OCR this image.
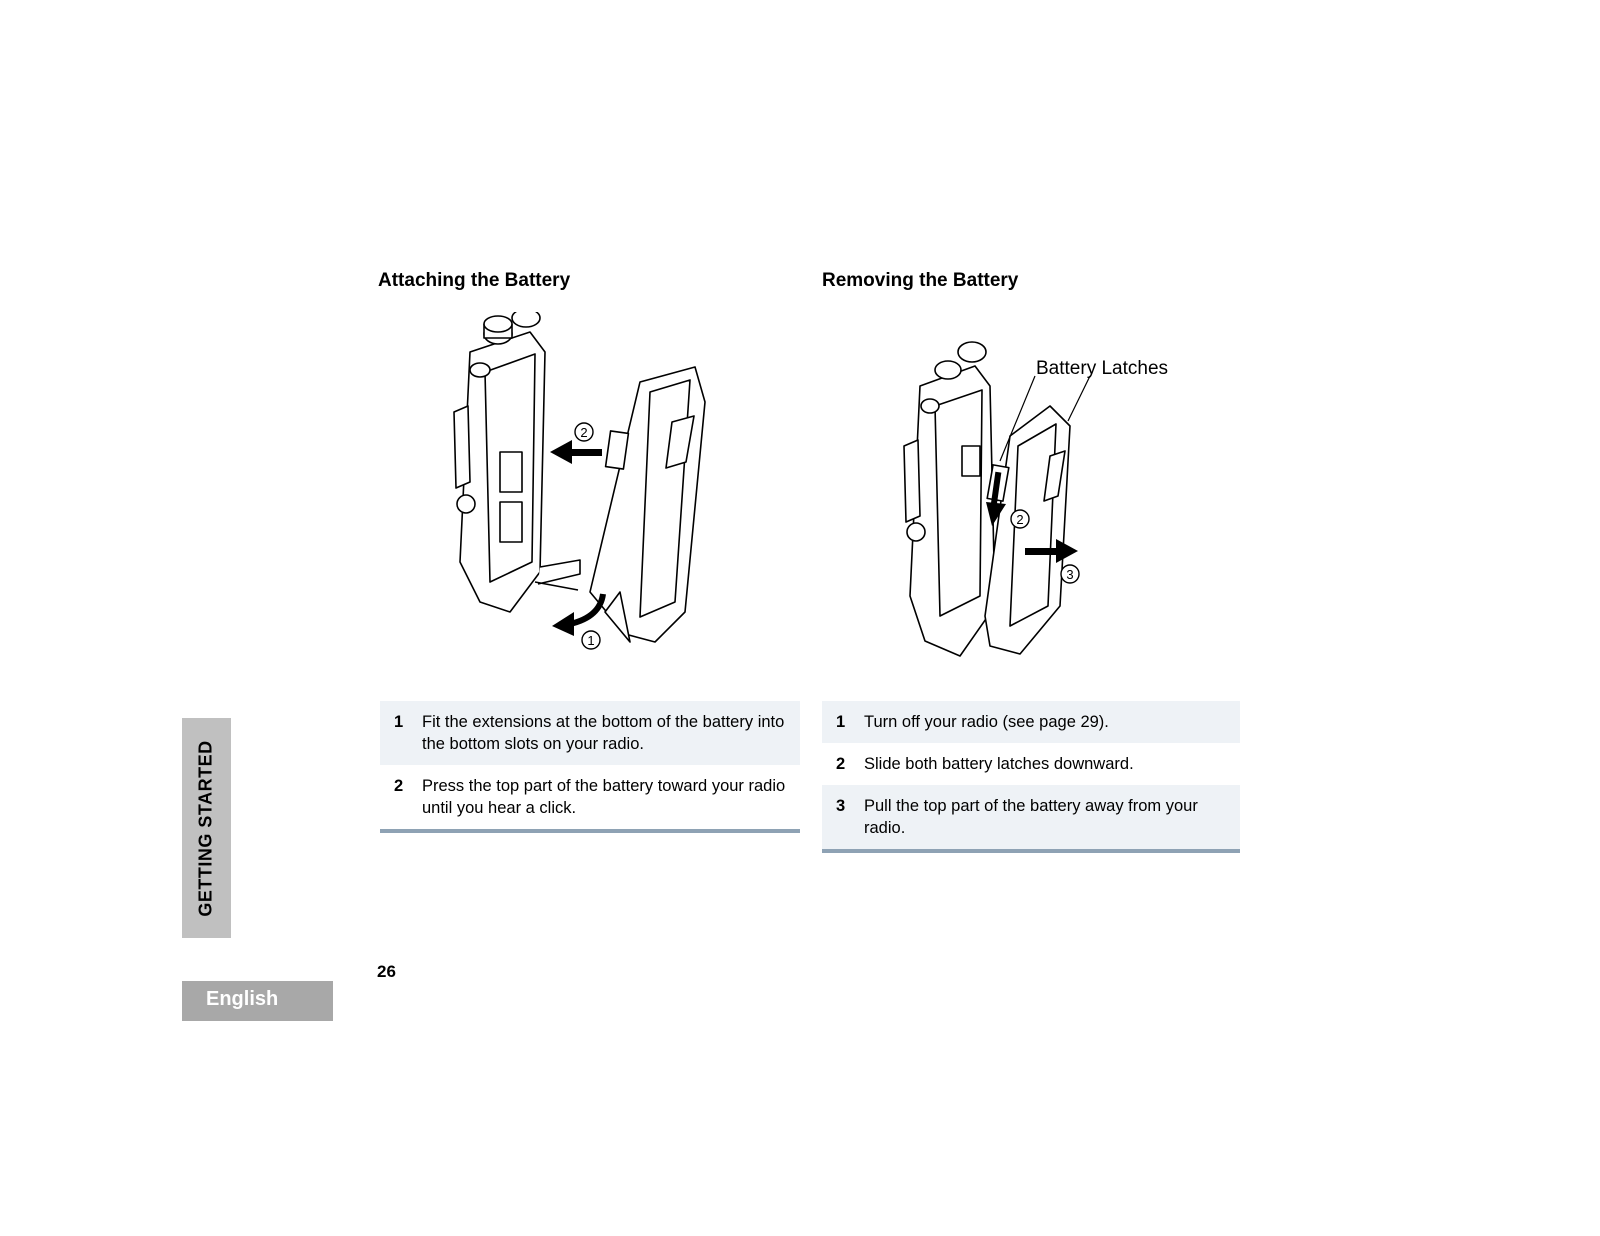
Attaching the Battery	Removing the Battery
2
1
2
3
Battery Latches
1	Fit the extensions at the bottom of the battery into the bottom slots on your radio.
2	Press the top part of the battery toward your radio until you hear a click.
1	Turn off your radio (see page 29).
2	Slide both battery latches downward.
3	Pull the top part of the battery away from your radio.
GETTING STARTED
26
English
